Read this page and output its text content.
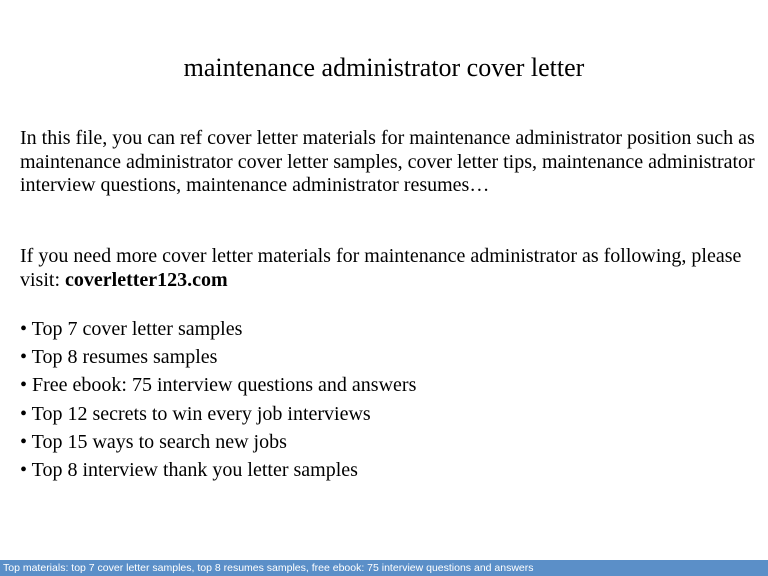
maintenance administrator cover letter

In this file, you can ref cover letter materials for maintenance administrator position such as maintenance administrator cover letter samples, cover letter tips, maintenance administrator interview questions, maintenance administrator resumes…

If you need more cover letter materials for maintenance administrator as following, please visit: coverletter123.com

• Top 7 cover letter samples
• Top 8 resumes samples
• Free ebook: 75 interview questions and answers
• Top 12 secrets to win every job interviews
• Top 15 ways to search new jobs
• Top 8 interview thank you letter samples
Top materials: top 7 cover letter samples, top 8 resumes samples, free ebook: 75 interview questions and answers
